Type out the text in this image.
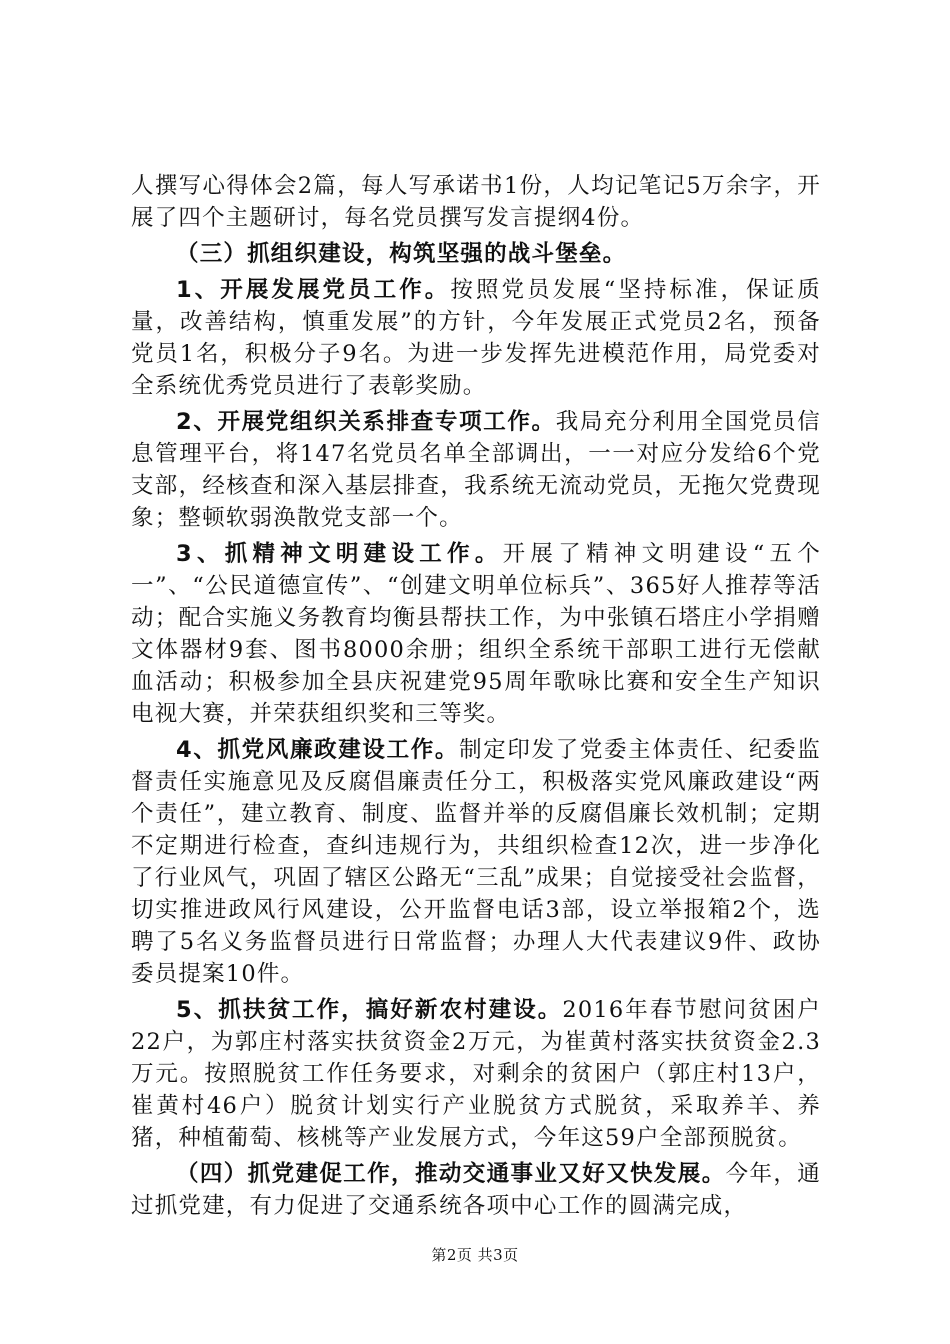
人撰写心得体会2篇，每人写承诺书1份，人均记笔记5万余字，开展了四个主题研讨，每名党员撰写发言提纲4份。

（三）抓组织建设，构筑坚强的战斗堡垒。

1、开展发展党员工作。按照党员发展“坚持标准，保证质量，改善结构，慎重发展”的方针，今年发展正式党员2名，预备党员1名，积极分子9名。为进一步发挥先进模范作用，局党委对全系统优秀党员进行了表彰奖励。

2、开展党组织关系排查专项工作。我局充分利用全国党员信息管理平台，将147名党员名单全部调出，一一对应分发给6个党支部，经核查和深入基层排查，我系统无流动党员，无拖欠党费现象；整顿软弱涣散党支部一个。

3、抓精神文明建设工作。开展了精神文明建设“五个一”、“公民道德宣传”、“创建文明单位标兵”、365好人推荐等活动；配合实施义务教育均衡县帮扶工作，为中张镇石塔庄小学捐赠文体器材9套、图书8000余册；组织全系统干部职工进行无偿献血活动；积极参加全县庆祝建党95周年歌咏比赛和安全生产知识电视大赛，并荣获组织奖和三等奖。

4、抓党风廉政建设工作。制定印发了党委主体责任、纪委监督责任实施意见及反腐倡廉责任分工，积极落实党风廉政建设“两个责任”，建立教育、制度、监督并举的反腐倡廉长效机制；定期不定期进行检查，查纠违规行为，共组织检查12次，进一步净化了行业风气，巩固了辖区公路无“三乱”成果；自觉接受社会监督，切实推进政风行风建设，公开监督电话3部，设立举报箱2个，选聘了5名义务监督员进行日常监督；办理人大代表建议9件、政协委员提案10件。

5、抓扶贫工作，搞好新农村建设。2016年春节慰问贫困户22户，为郭庄村落实扶贫资金2万元，为崔黄村落实扶贫资金2.3万元。按照脱贫工作任务要求，对剩余的贫困户（郭庄村13户，崔黄村46户）脱贫计划实行产业脱贫方式脱贫，采取养羊、养猪，种植葡萄、核桃等产业发展方式，今年这59户全部预脱贫。

（四）抓党建促工作，推动交通事业又好又快发展。今年，通过抓党建，有力促进了交通系统各项中心工作的圆满完成，

第2页 共3页
